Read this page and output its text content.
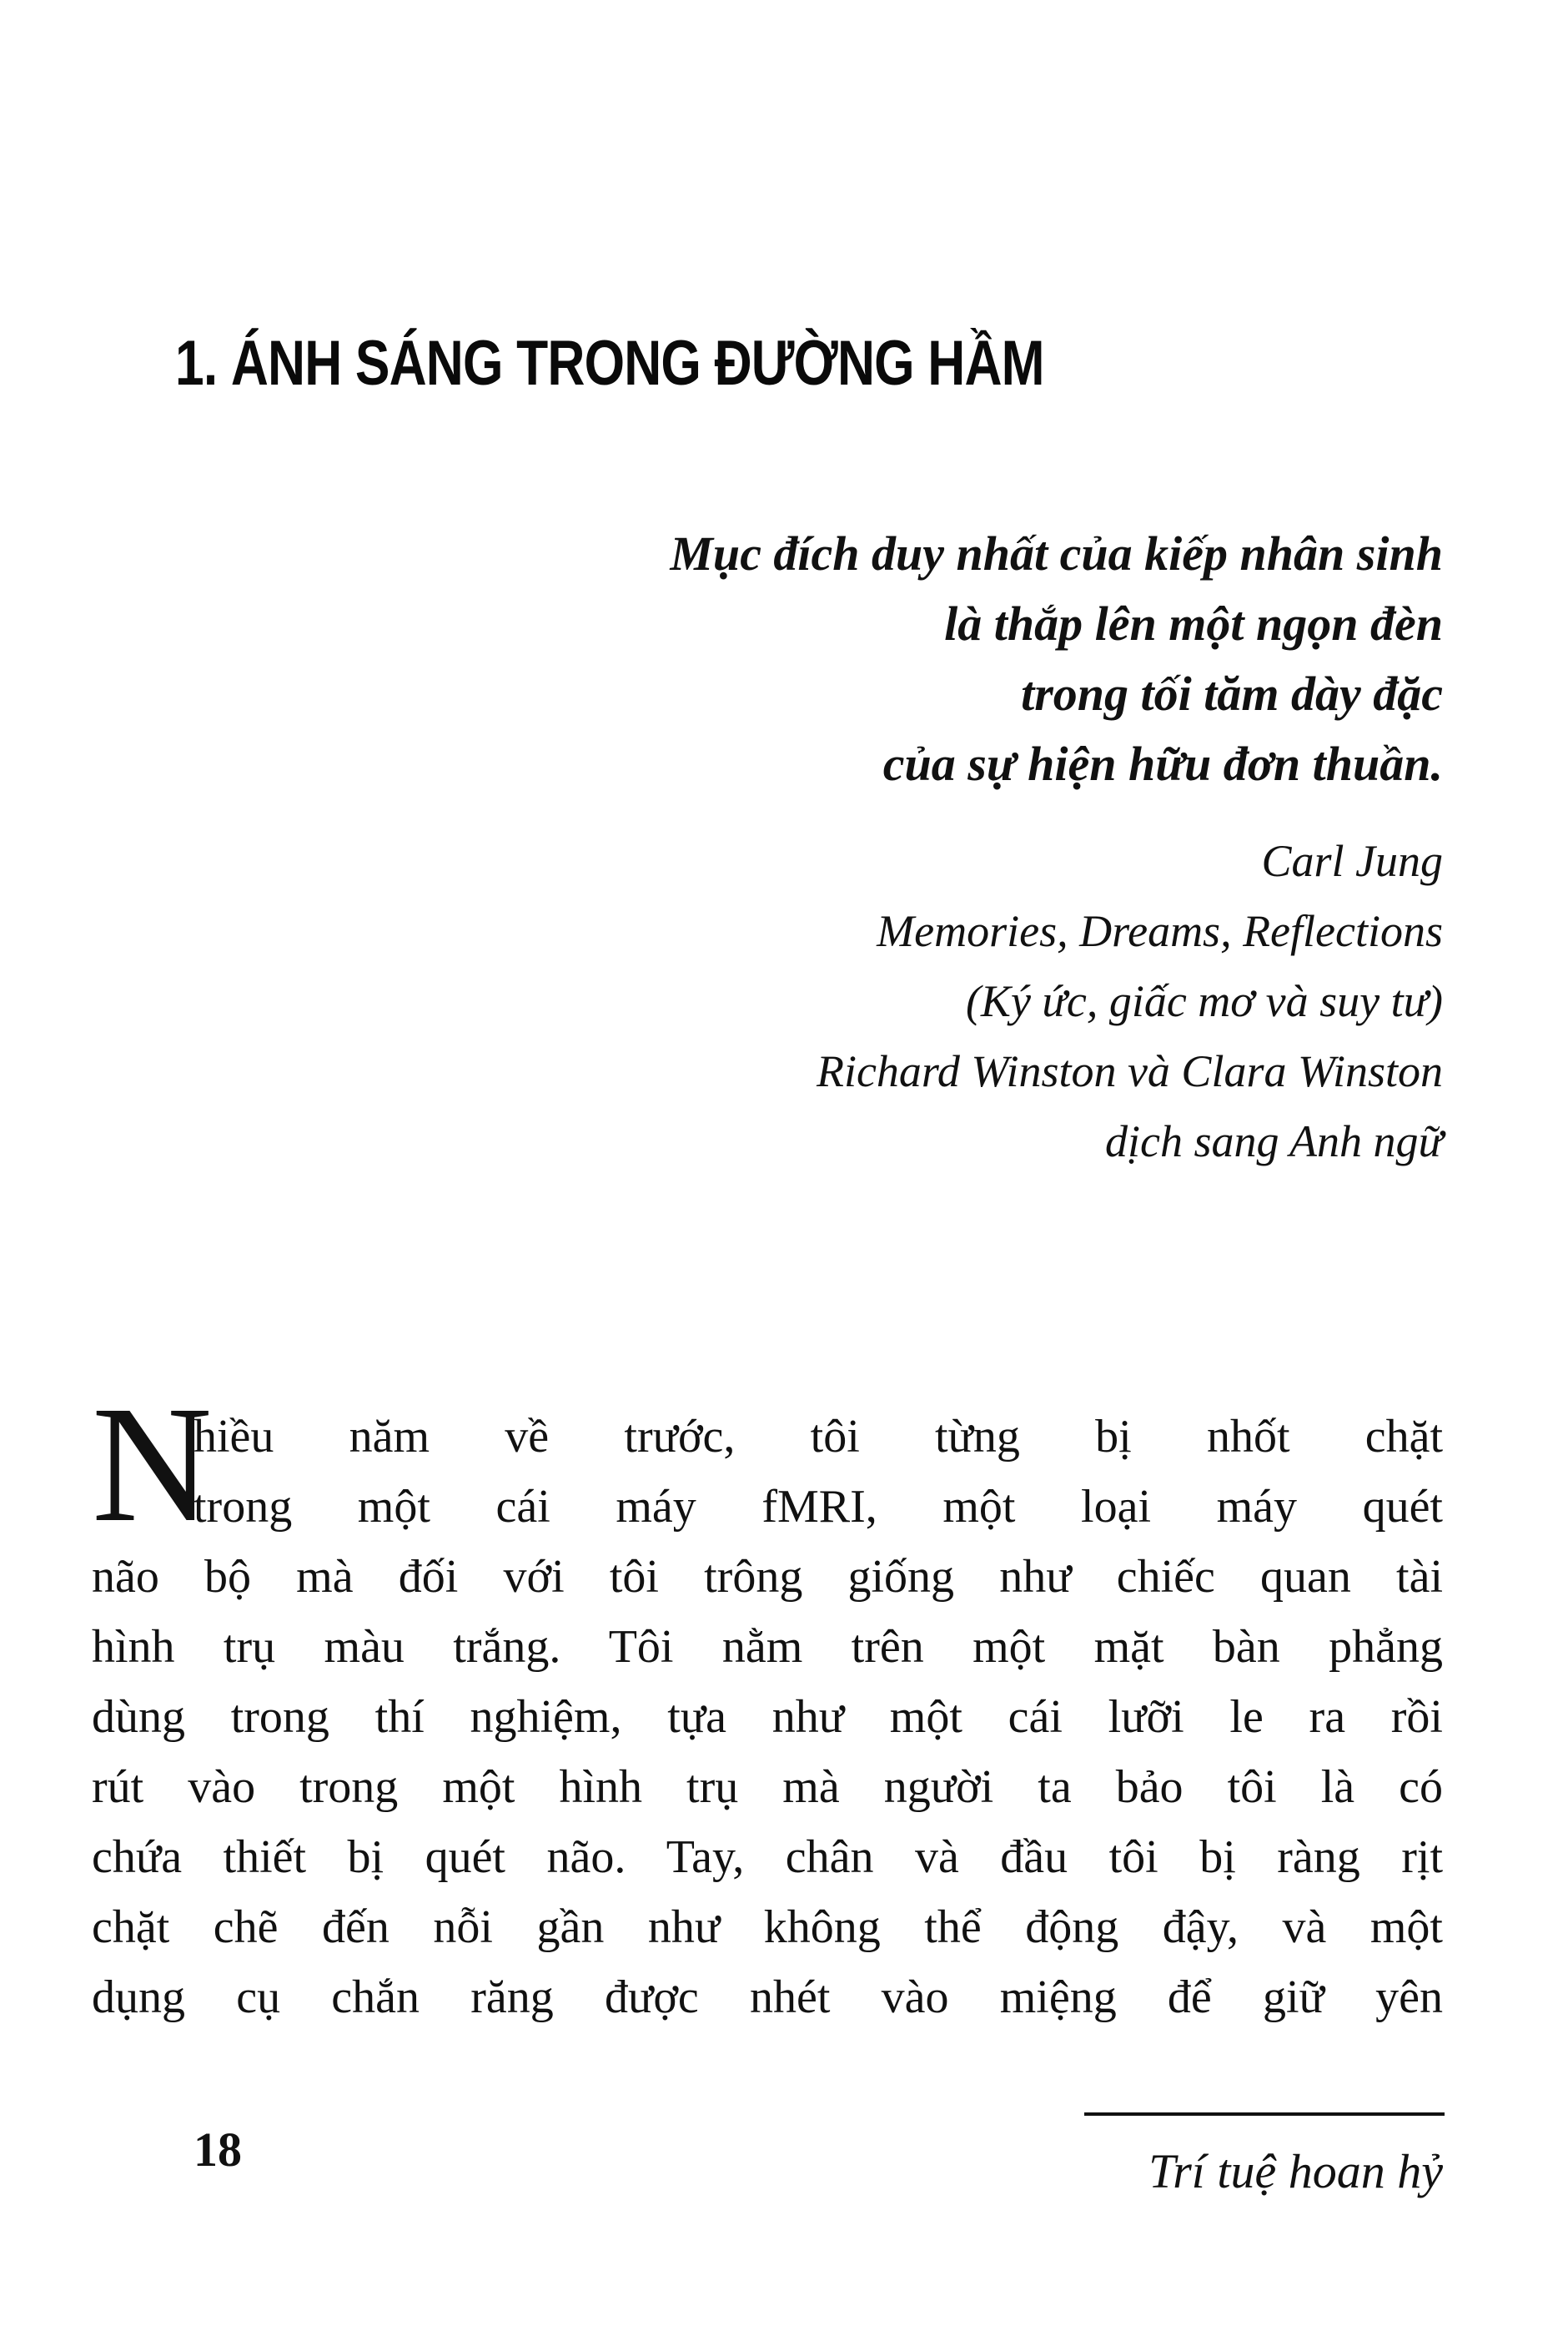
1. ÁNH SÁNG TRONG ĐƯỜNG HẦM
Mục đích duy nhất của kiếp nhân sinh
là thắp lên một ngọn đèn
trong tối tăm dày đặc
của sự hiện hữu đơn thuần.
Carl Jung
Memories, Dreams, Reflections
(Ký ức, giấc mơ và suy tư)
Richard Winston và Clara Winston
dịch sang Anh ngữ
N
hiều năm về trước, tôi từng bị nhốt chặt
trong một cái máy fMRI, một loại máy quét
não bộ mà đối với tôi trông giống như chiếc quan tài
hình trụ màu trắng. Tôi nằm trên một mặt bàn phẳng
dùng trong thí nghiệm, tựa như một cái lưỡi le ra rồi
rút vào trong một hình trụ mà người ta bảo tôi là có
chứa thiết bị quét não. Tay, chân và đầu tôi bị ràng rịt
chặt chẽ đến nỗi gần như không thể động đậy, và một
dụng cụ chắn răng được nhét vào miệng để giữ yên
18	Trí tuệ hoan hỷ
